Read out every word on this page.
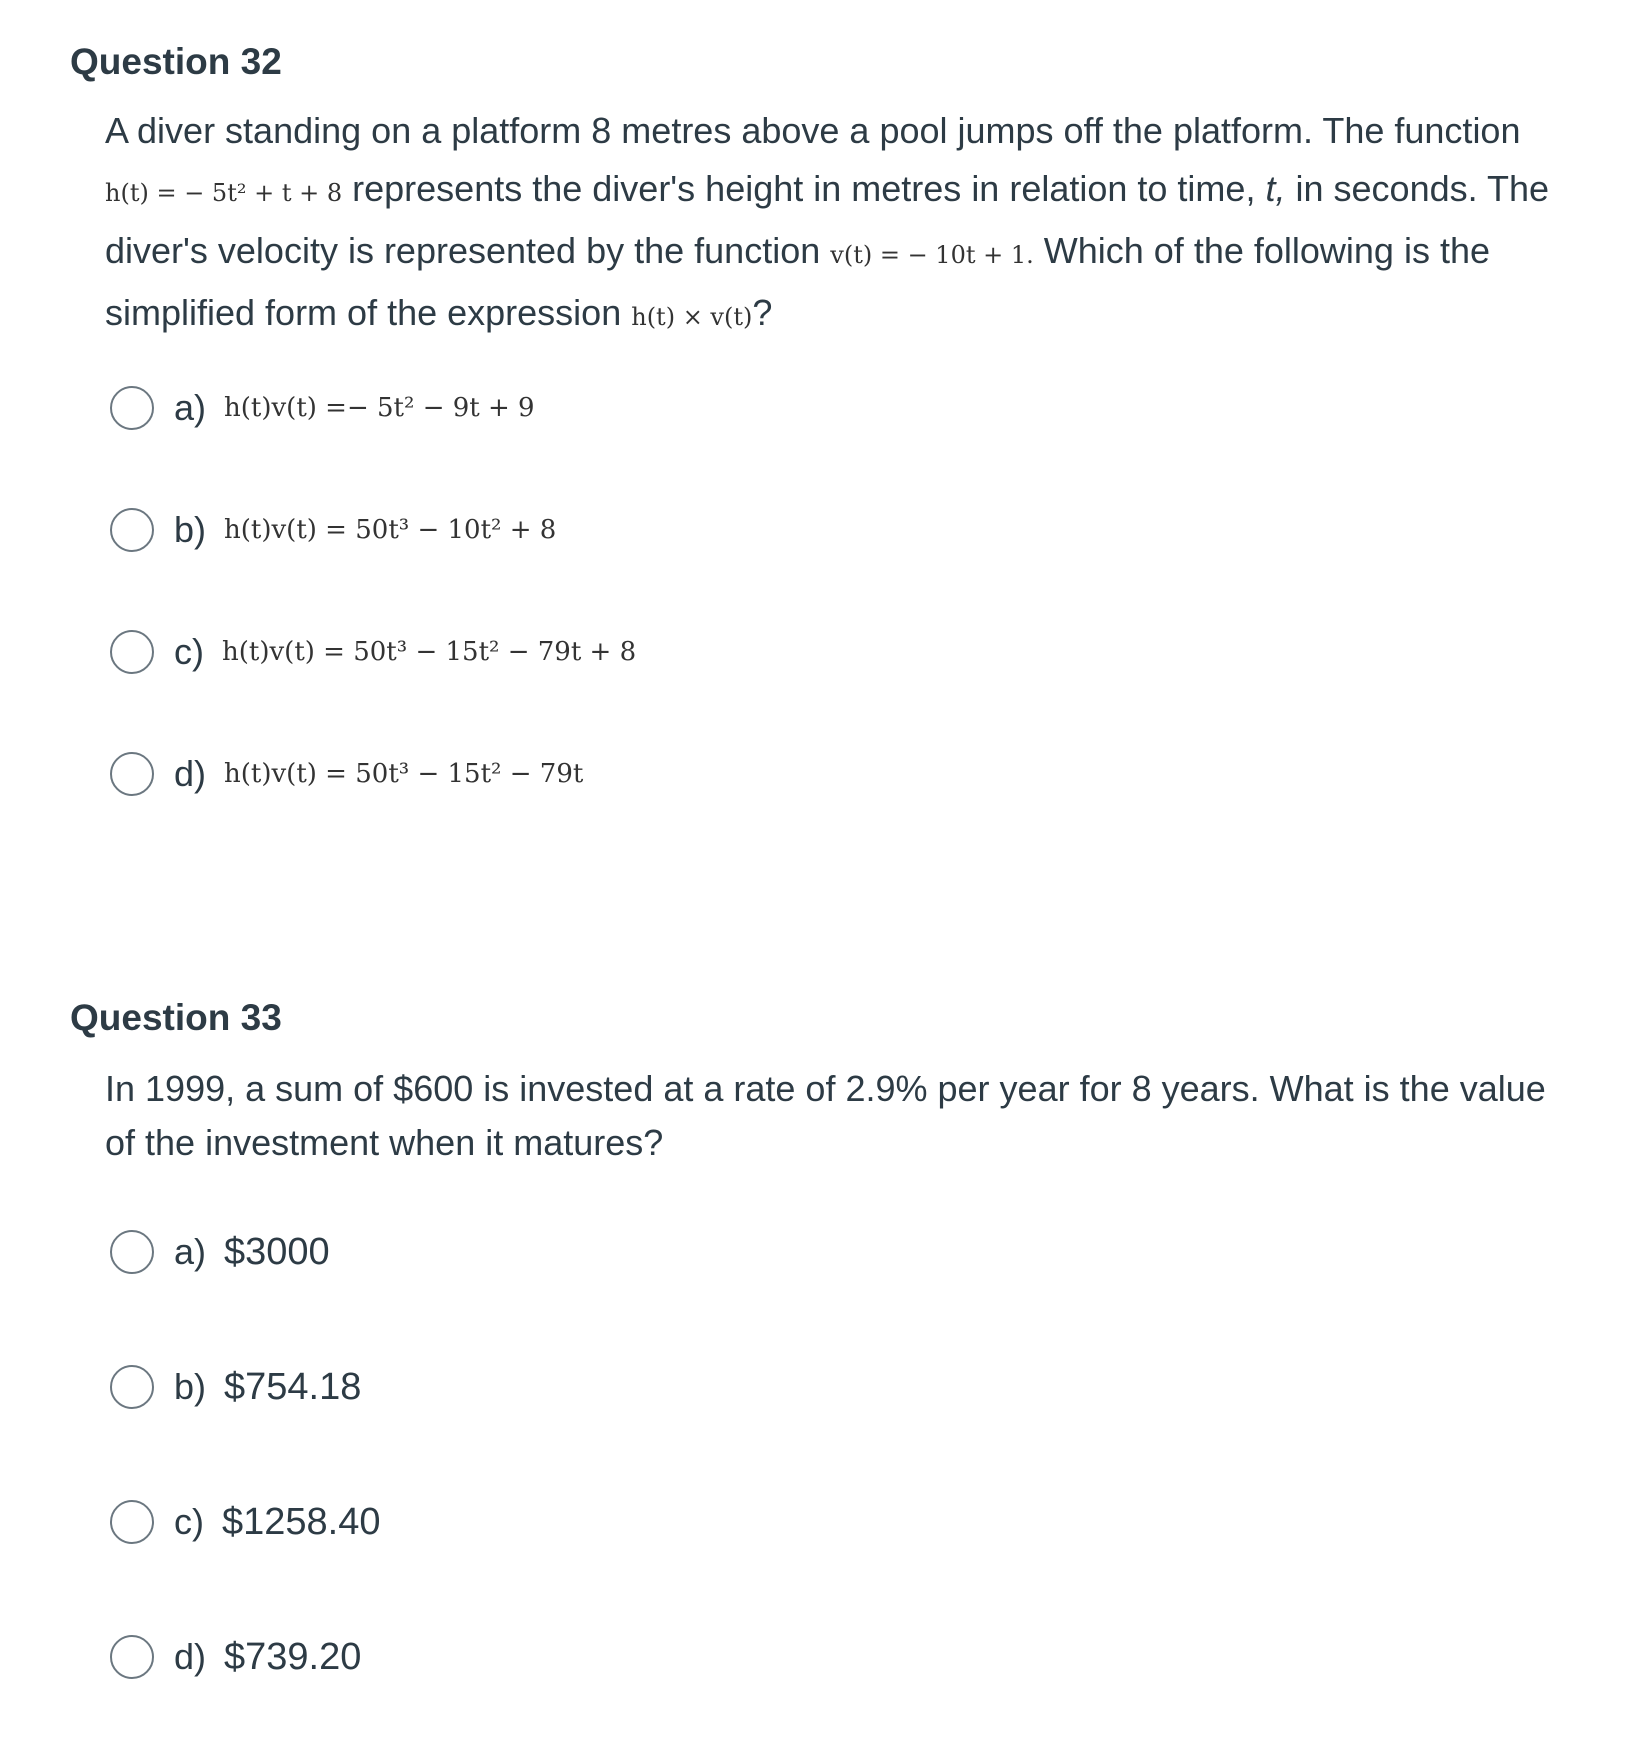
Question 32

A diver standing on a platform 8 metres above a pool jumps off the platform. The function h(t) = − 5t² + t + 8 represents the diver's height in metres in relation to time, t, in seconds. The diver's velocity is represented by the function v(t) = − 10t + 1. Which of the following is the simplified form of the expression h(t) × v(t)?

a) h(t)v(t) =− 5t² − 9t + 9
b) h(t)v(t) = 50t³ − 10t² + 8
c) h(t)v(t) = 50t³ − 15t² − 79t + 8
d) h(t)v(t) = 50t³ − 15t² − 79t
Question 33

In 1999, a sum of $600 is invested at a rate of 2.9% per year for 8 years. What is the value of the investment when it matures?

a) $3000
b) $754.18
c) $1258.40
d) $739.20
